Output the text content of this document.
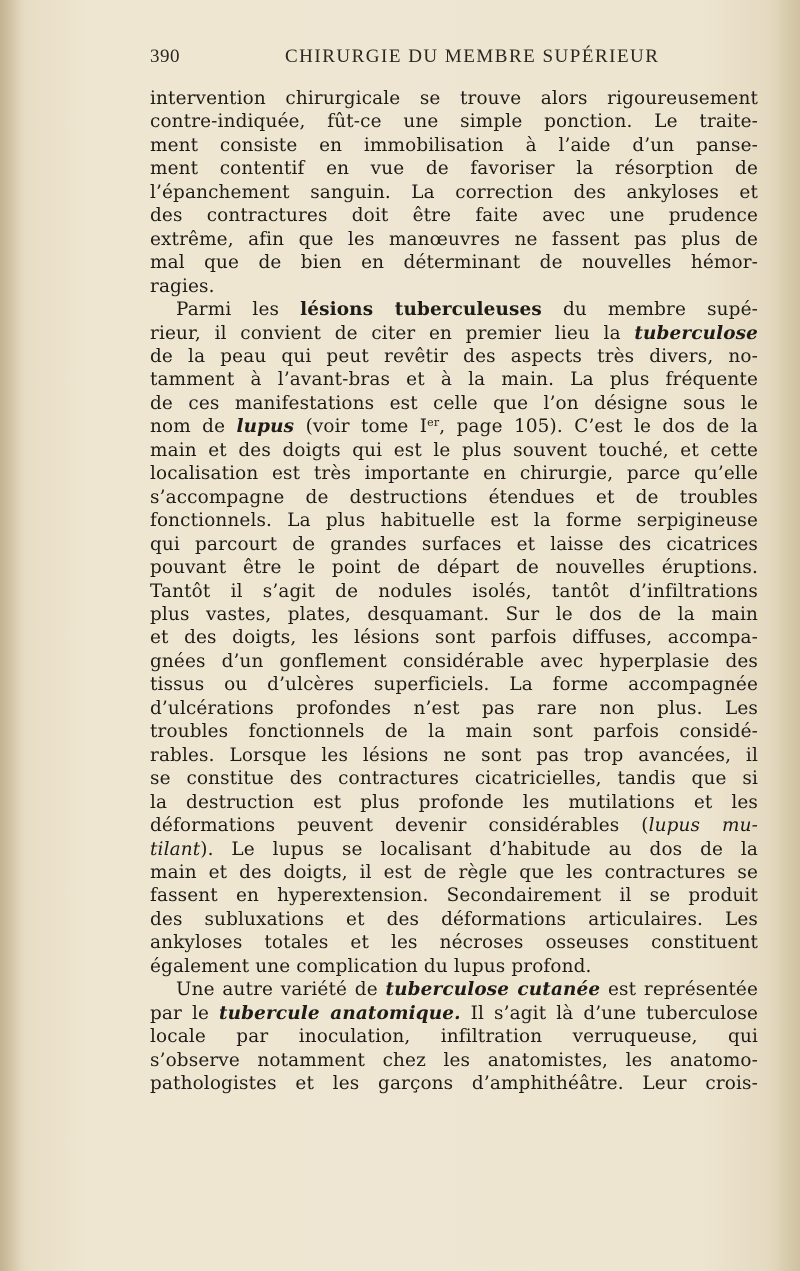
390	CHIRURGIE DU MEMBRE SUPÉRIEUR
intervention chirurgicale se trouve alors rigoureusement
contre-indiquée, fût-ce une simple ponction. Le traite-
ment consiste en immobilisation à l’aide d’un panse-
ment contentif en vue de favoriser la résorption de
l’épanchement sanguin. La correction des ankyloses et
des contractures doit être faite avec une prudence
extrême, afin que les manœuvres ne fassent pas plus de
mal que de bien en déterminant de nouvelles hémor-
ragies.
Parmi les lésions tuberculeuses du membre supé-
rieur, il convient de citer en premier lieu la tuberculose
de la peau qui peut revêtir des aspects très divers, no-
tamment à l’avant-bras et à la main. La plus fréquente
de ces manifestations est celle que l’on désigne sous le
nom de lupus (voir tome Ier, page 105). C’est le dos de la
main et des doigts qui est le plus souvent touché, et cette
localisation est très importante en chirurgie, parce qu’elle
s’accompagne de destructions étendues et de troubles
fonctionnels. La plus habituelle est la forme serpigineuse
qui parcourt de grandes surfaces et laisse des cicatrices
pouvant être le point de départ de nouvelles éruptions.
Tantôt il s’agit de nodules isolés, tantôt d’infiltrations
plus vastes, plates, desquamant. Sur le dos de la main
et des doigts, les lésions sont parfois diffuses, accompa-
gnées d’un gonflement considérable avec hyperplasie des
tissus ou d’ulcères superficiels. La forme accompagnée
d’ulcérations profondes n’est pas rare non plus. Les
troubles fonctionnels de la main sont parfois considé-
rables. Lorsque les lésions ne sont pas trop avancées, il
se constitue des contractures cicatricielles, tandis que si
la destruction est plus profonde les mutilations et les
déformations peuvent devenir considérables (lupus mu-
tilant). Le lupus se localisant d’habitude au dos de la
main et des doigts, il est de règle que les contractures se
fassent en hyperextension. Secondairement il se produit
des subluxations et des déformations articulaires. Les
ankyloses totales et les nécroses osseuses constituent
également une complication du lupus profond.
Une autre variété de tuberculose cutanée est représentée
par le tubercule anatomique. Il s’agit là d’une tuberculose
locale par inoculation, infiltration verruqueuse, qui
s’observe notamment chez les anatomistes, les anatomo-
pathologistes et les garçons d’amphithéâtre. Leur crois-
